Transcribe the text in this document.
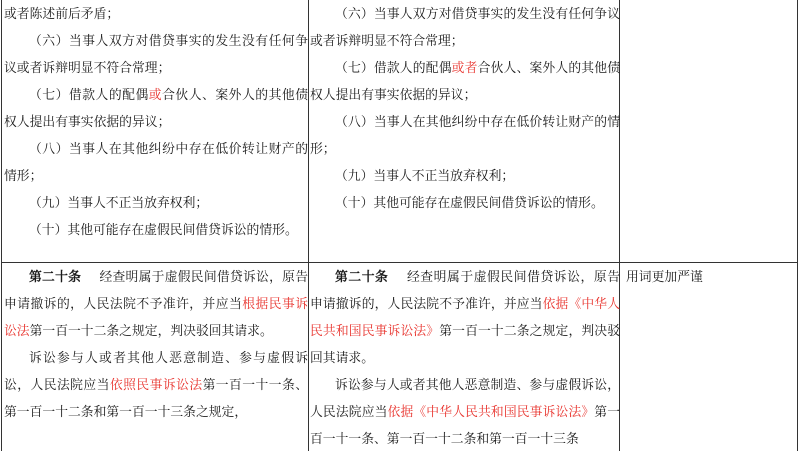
或者陈述前后矛盾；

（六）当事人双方对借贷事实的发生没有任何争议或者诉辩明显不符合常理；

（七）借款人的配偶或合伙人、案外人的其他债权人提出有事实依据的异议；

（八）当事人在其他纠纷中存在低价转让财产的情形；

（九）当事人不正当放弃权利；

（十）其他可能存在虚假民间借贷诉讼的情形。

（六）当事人双方对借贷事实的发生没有任何争议或者诉辩明显不符合常理；

（七）借款人的配偶或者合伙人、案外人的其他债权人提出有事实依据的异议；

（八）当事人在其他纠纷中存在低价转让财产的情形；

（九）当事人不正当放弃权利；

（十）其他可能存在虚假民间借贷诉讼的情形。

第二十条 经查明属于虚假民间借贷诉讼，原告申请撤诉的，人民法院不予准许，并应当根据民事诉讼法第一百一十二条之规定，判决驳回其请求。

诉讼参与人或者其他人恶意制造、参与虚假诉讼，人民法院应当依照民事诉讼法第一百一十一条、第一百一十二条和第一百一十三条之规定，

第二十条 经查明属于虚假民间借贷诉讼，原告申请撤诉的，人民法院不予准许，并应当依据《中华人民共和国民事诉讼法》第一百一十二条之规定，判决驳回其请求。

诉讼参与人或者其他人恶意制造、参与虚假诉讼，人民法院应当依据《中华人民共和国民事诉讼法》第一百一十一条、第一百一十二条和第一百一十三条

用词更加严谨
